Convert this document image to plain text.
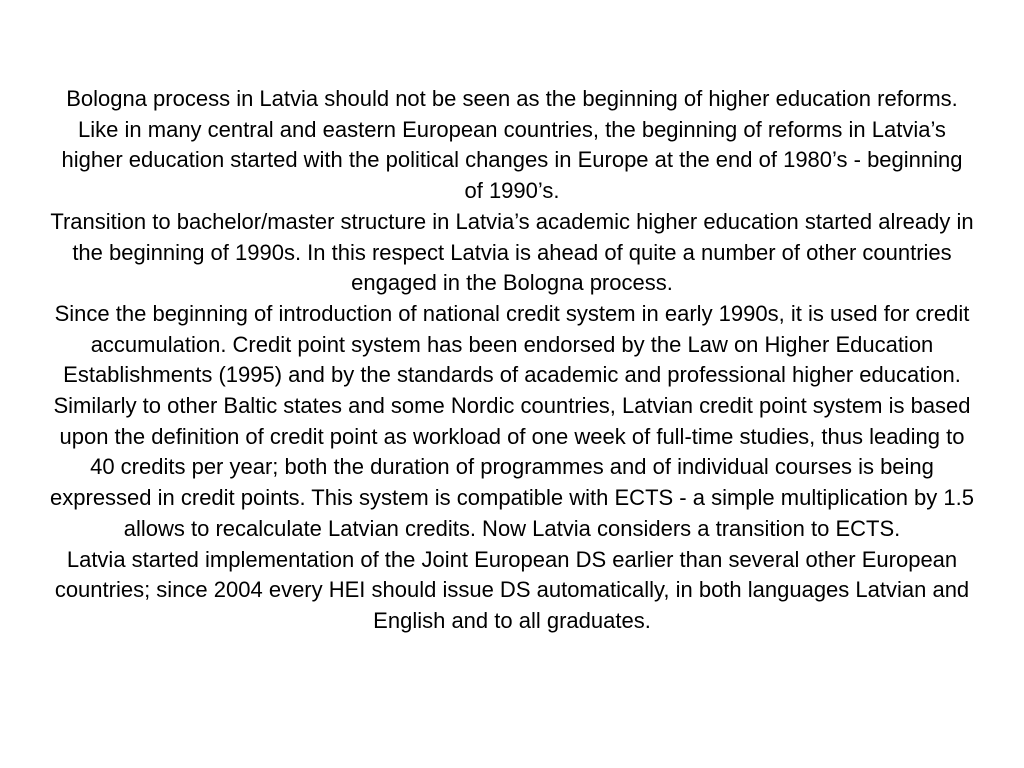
Bologna process in Latvia should not be seen as the beginning of higher education reforms. Like in many central and eastern European countries, the beginning of reforms in Latvia’s higher education started with the political changes in Europe at the end of 1980’s - beginning of 1990’s.

Transition to bachelor/master structure in Latvia’s academic higher education started already in the beginning of 1990s. In this respect Latvia is ahead of quite a number of other countries engaged in the Bologna process.

Since the beginning of introduction of national credit system in early 1990s, it is used for credit accumulation. Credit point system has been endorsed by the Law on Higher Education Establishments (1995) and by the standards of academic and professional higher education. Similarly to other Baltic states and some Nordic countries, Latvian credit point system is based upon the definition of credit point as workload of one week of full-time studies, thus leading to 40 credits per year; both the duration of programmes and of individual courses is being expressed in credit points. This system is compatible with ECTS - a simple multiplication by 1.5 allows to recalculate Latvian credits. Now Latvia considers a transition to ECTS.

Latvia started implementation of the Joint European DS earlier than several other European countries; since 2004 every HEI should issue DS automatically, in both languages Latvian and English and to all graduates.
